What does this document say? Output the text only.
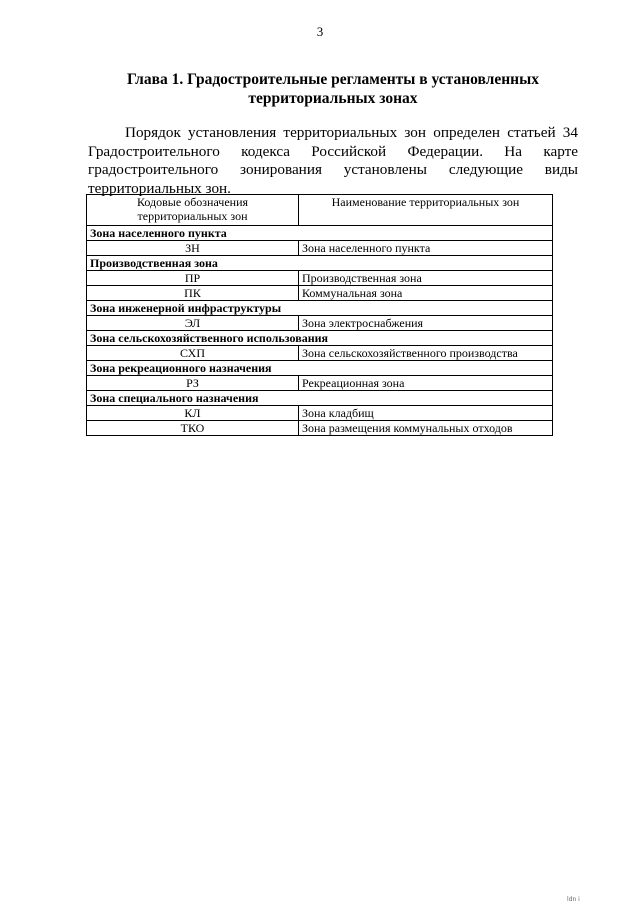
3
Глава 1. Градостроительные регламенты в установленных
территориальных зонах

Порядок установления территориальных зон определен статьей 34 Градостроительного кодекса Российской Федерации. На карте градостроительного зонирования установлены следующие виды территориальных зон.

Кодовые обозначения
территориальных зон	Наименование территориальных зон
Зона населенного пункта	
ЗН	Зона населенного пункта
Производственная зона	
ПР	Производственная зона
ПК	Коммунальная зона
Зона инженерной инфраструктуры	
ЭЛ	Зона электроснабжения
Зона сельскохозяйственного использования	
СХП	Зона сельскохозяйственного производства
Зона рекреационного назначения	
РЗ	Рекреационная зона
Зона специального назначения	
КЛ	Зона кладбищ
ТКО	Зона размещения коммунальных отходов
ldn i
